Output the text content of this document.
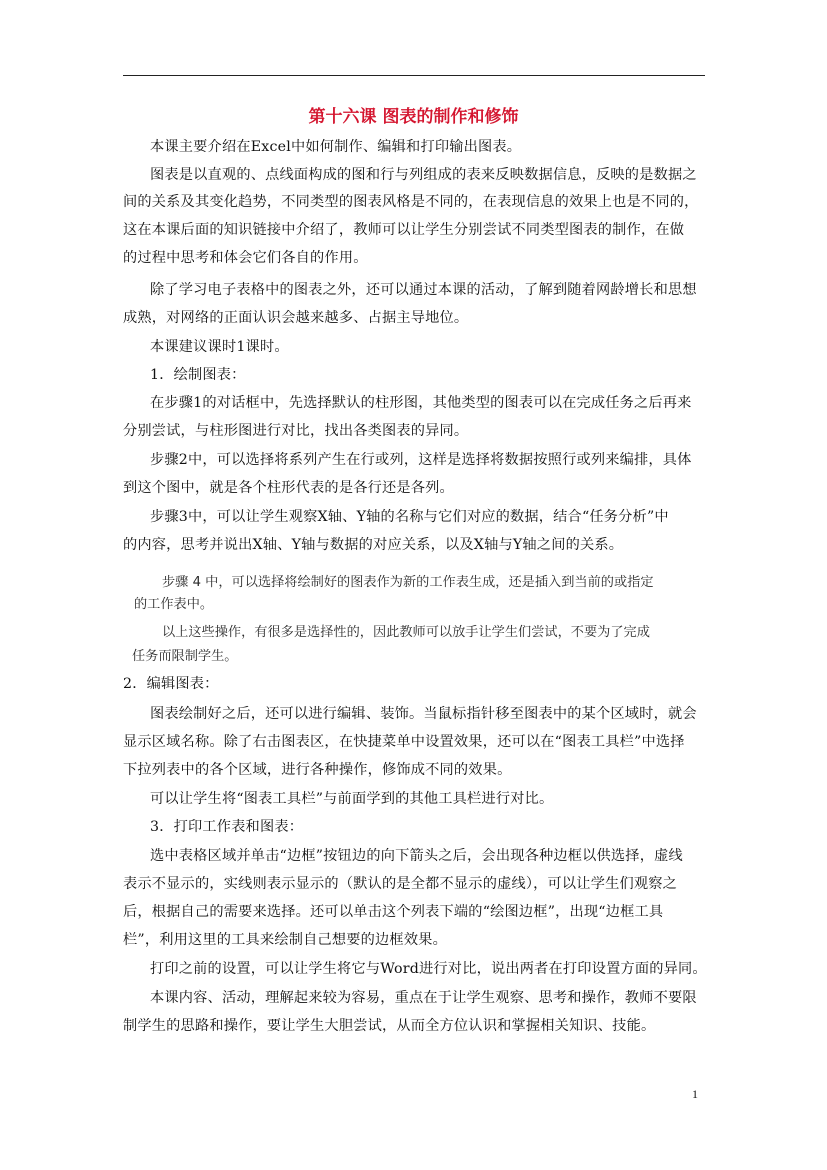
第十六课 图表的制作和修饰
本课主要介绍在Excel中如何制作、编辑和打印输出图表。
图表是以直观的、点线面构成的图和行与列组成的表来反映数据信息，反映的是数据之
间的关系及其变化趋势，不同类型的图表风格是不同的，在表现信息的效果上也是不同的，
这在本课后面的知识链接中介绍了，教师可以让学生分别尝试不同类型图表的制作，在做
的过程中思考和体会它们各自的作用。
除了学习电子表格中的图表之外，还可以通过本课的活动，了解到随着网龄增长和思想
成熟，对网络的正面认识会越来越多、占据主导地位。
本课建议课时1课时。
1．绘制图表：
在步骤1的对话框中，先选择默认的柱形图，其他类型的图表可以在完成任务之后再来
分别尝试，与柱形图进行对比，找出各类图表的异同。
步骤2中，可以选择将系列产生在行或列，这样是选择将数据按照行或列来编排，具体
到这个图中，就是各个柱形代表的是各行还是各列。
步骤3中，可以让学生观察X轴、Y轴的名称与它们对应的数据，结合“任务分析”中
的内容，思考并说出X轴、Y轴与数据的对应关系，以及X轴与Y轴之间的关系。
步骤 4 中，可以选择将绘制好的图表作为新的工作表生成，还是插入到当前的或指定
的工作表中。
以上这些操作，有很多是选择性的，因此教师可以放手让学生们尝试，不要为了完成
任务而限制学生。
2．编辑图表：
图表绘制好之后，还可以进行编辑、装饰。当鼠标指针移至图表中的某个区域时，就会
显示区域名称。除了右击图表区，在快捷菜单中设置效果，还可以在“图表工具栏”中选择
下拉列表中的各个区域，进行各种操作，修饰成不同的效果。
可以让学生将“图表工具栏”与前面学到的其他工具栏进行对比。
3．打印工作表和图表：
选中表格区域并单击“边框”按钮边的向下箭头之后，会出现各种边框以供选择，虚线
表示不显示的，实线则表示显示的（默认的是全都不显示的虚线），可以让学生们观察之
后，根据自己的需要来选择。还可以单击这个列表下端的“绘图边框”，出现“边框工具
栏”，利用这里的工具来绘制自己想要的边框效果。
打印之前的设置，可以让学生将它与Word进行对比，说出两者在打印设置方面的异同。
本课内容、活动，理解起来较为容易，重点在于让学生观察、思考和操作，教师不要限
制学生的思路和操作，要让学生大胆尝试，从而全方位认识和掌握相关知识、技能。
1
